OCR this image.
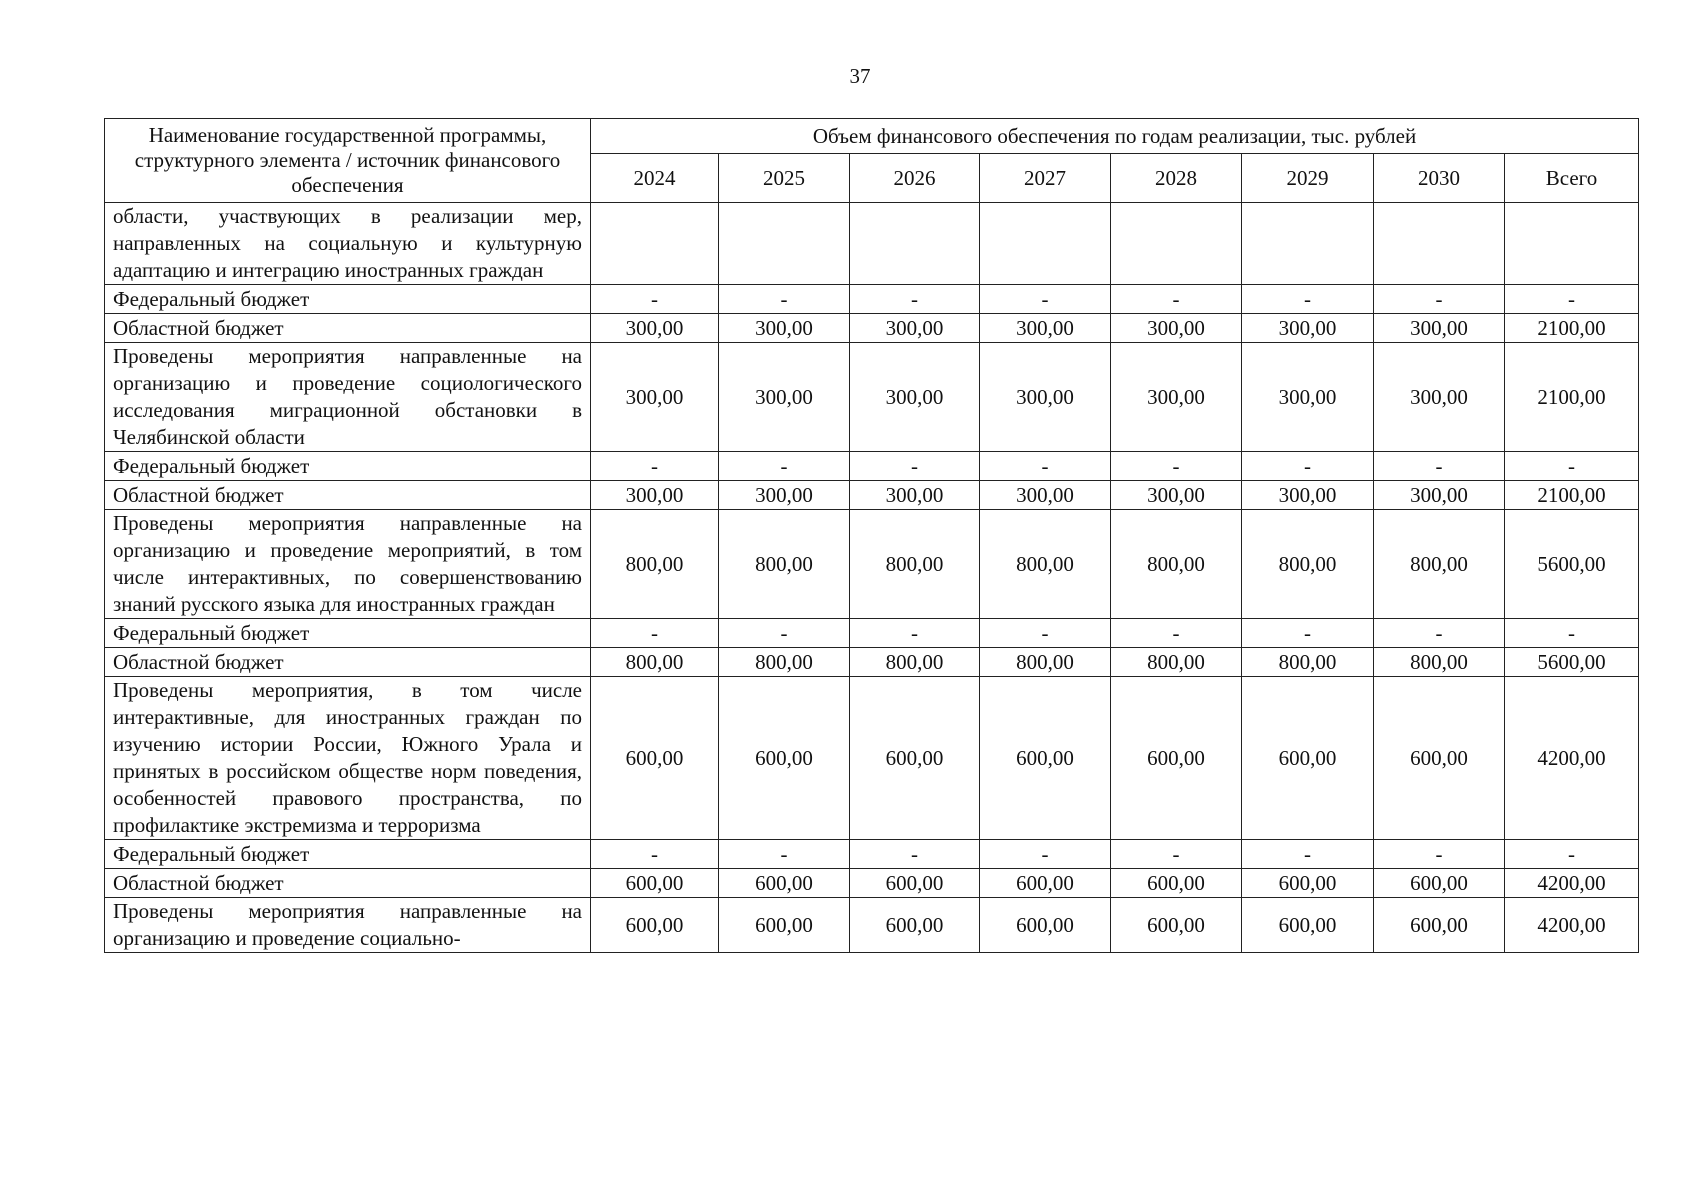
37
Наименование государственной программы, структурного элемента / источник финансового обеспечения	Объем финансового обеспечения по годам реализации, тыс. рублей							
	2024	2025	2026	2027	2028	2029	2030	Всего
области, участвующих в реализации мер, направленных на социальную и культурную адаптацию и интеграцию иностранных граждан								
Федеральный бюджет	-	-	-	-	-	-	-	-
Областной бюджет	300,00	300,00	300,00	300,00	300,00	300,00	300,00	2100,00
Проведены мероприятия направленные на организацию и проведение социологического исследования миграционной обстановки в Челябинской области	300,00	300,00	300,00	300,00	300,00	300,00	300,00	2100,00
Федеральный бюджет	-	-	-	-	-	-	-	-
Областной бюджет	300,00	300,00	300,00	300,00	300,00	300,00	300,00	2100,00
Проведены мероприятия направленные на организацию и проведение мероприятий, в том числе интерактивных, по совершенствованию знаний русского языка для иностранных граждан	800,00	800,00	800,00	800,00	800,00	800,00	800,00	5600,00
Федеральный бюджет	-	-	-	-	-	-	-	-
Областной бюджет	800,00	800,00	800,00	800,00	800,00	800,00	800,00	5600,00
Проведены мероприятия, в том числе интерактивные, для иностранных граждан по изучению истории России, Южного Урала и принятых в российском обществе норм поведения, особенностей правового пространства, по профилактике экстремизма и терроризма	600,00	600,00	600,00	600,00	600,00	600,00	600,00	4200,00
Федеральный бюджет	-	-	-	-	-	-	-	-
Областной бюджет	600,00	600,00	600,00	600,00	600,00	600,00	600,00	4200,00
Проведены мероприятия направленные на организацию и проведение социально-	600,00	600,00	600,00	600,00	600,00	600,00	600,00	4200,00
